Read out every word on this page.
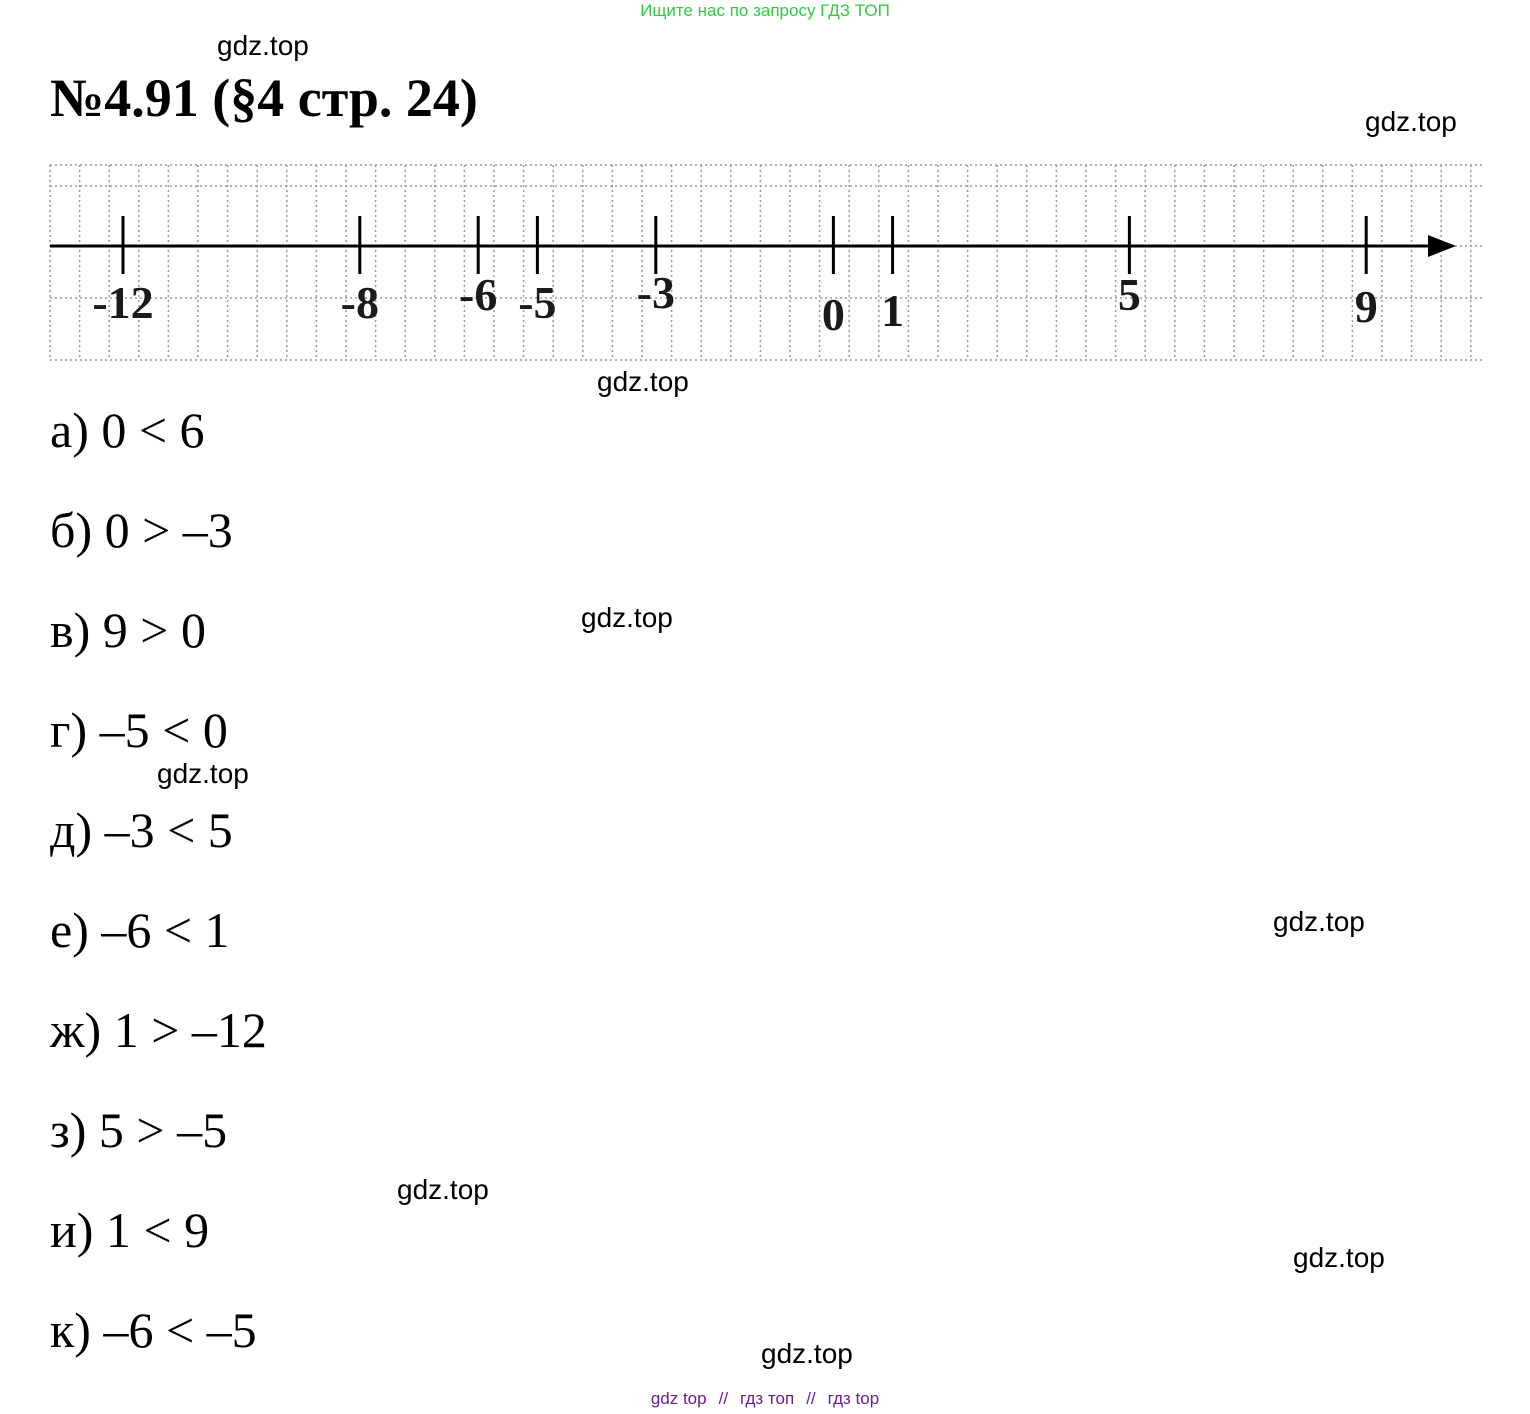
Ищите нас по запросу ГДЗ ТОП
№4.91 (§4 стр. 24)
gdz.top
gdz.top
gdz.top
gdz.top
gdz.top
gdz.top
gdz.top
gdz.top
gdz.top
-12	-8 -6 -5 -3	0 1	5	9
а) 0 < 6
б) 0 > –3
в) 9 > 0
г) –5 < 0
д) –3 < 5
е) –6 < 1
ж) 1 > –12
з) 5 > –5
и) 1 < 9
к) –6 < –5
gdz top // гдз топ // гдз top
